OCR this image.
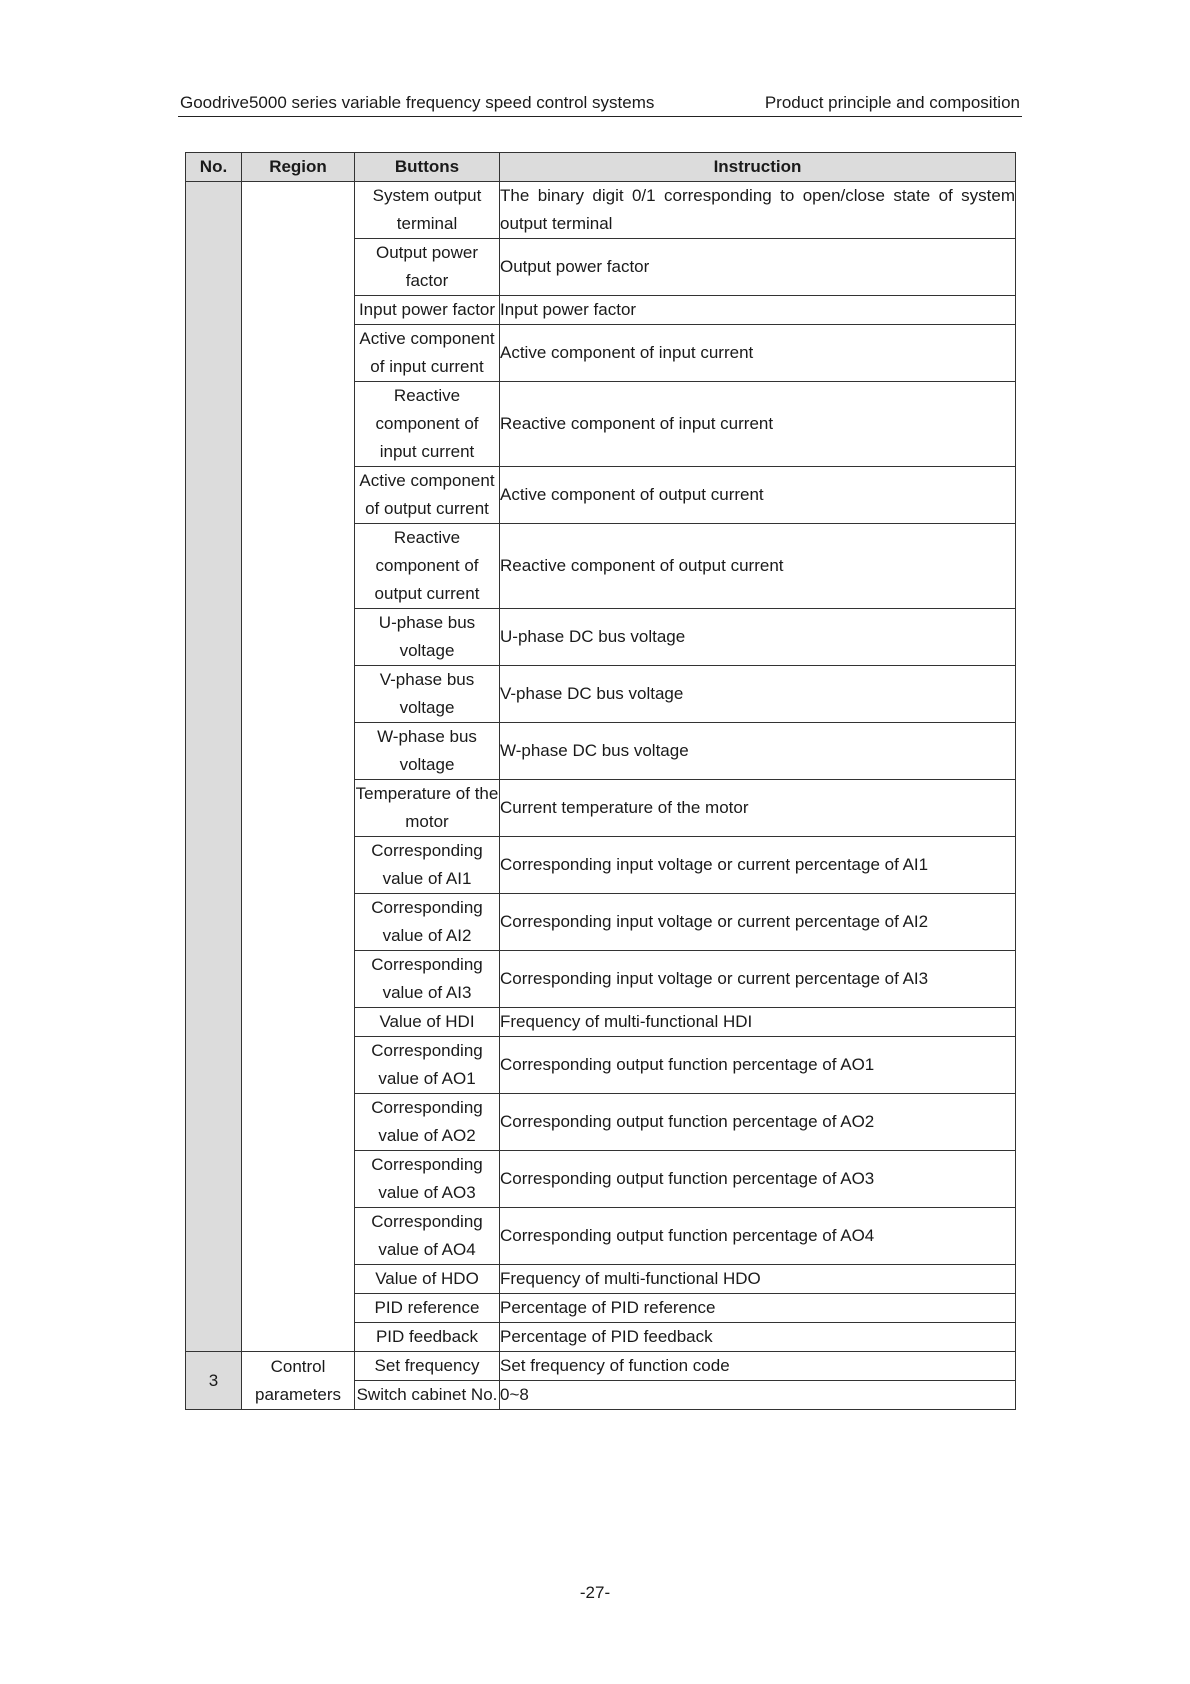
Goodrive5000 series variable frequency speed control systems	Product principle and composition
No.	Region	Buttons	Instruction
		System output terminal	The binary digit 0/1 corresponding to open/close state of system output terminal
		Output power factor	Output power factor
		Input power factor	Input power factor
		Active component of input current	Active component of input current
		Reactive component of input current	Reactive component of input current
		Active component of output current	Active component of output current
		Reactive component of output current	Reactive component of output current
		U-phase bus voltage	U-phase DC bus voltage
		V-phase bus voltage	V-phase DC bus voltage
		W-phase bus voltage	W-phase DC bus voltage
		Temperature of the motor	Current temperature of the motor
		Corresponding value of AI1	Corresponding input voltage or current percentage of AI1
		Corresponding value of AI2	Corresponding input voltage or current percentage of AI2
		Corresponding value of AI3	Corresponding input voltage or current percentage of AI3
		Value of HDI	Frequency of multi-functional HDI
		Corresponding value of AO1	Corresponding output function percentage of AO1
		Corresponding value of AO2	Corresponding output function percentage of AO2
		Corresponding value of AO3	Corresponding output function percentage of AO3
		Corresponding value of AO4	Corresponding output function percentage of AO4
		Value of HDO	Frequency of multi-functional HDO
		PID reference	Percentage of PID reference
		PID feedback	Percentage of PID feedback
3	Control parameters	Set frequency	Set frequency of function code
		Switch cabinet No.	0~8
-27-
